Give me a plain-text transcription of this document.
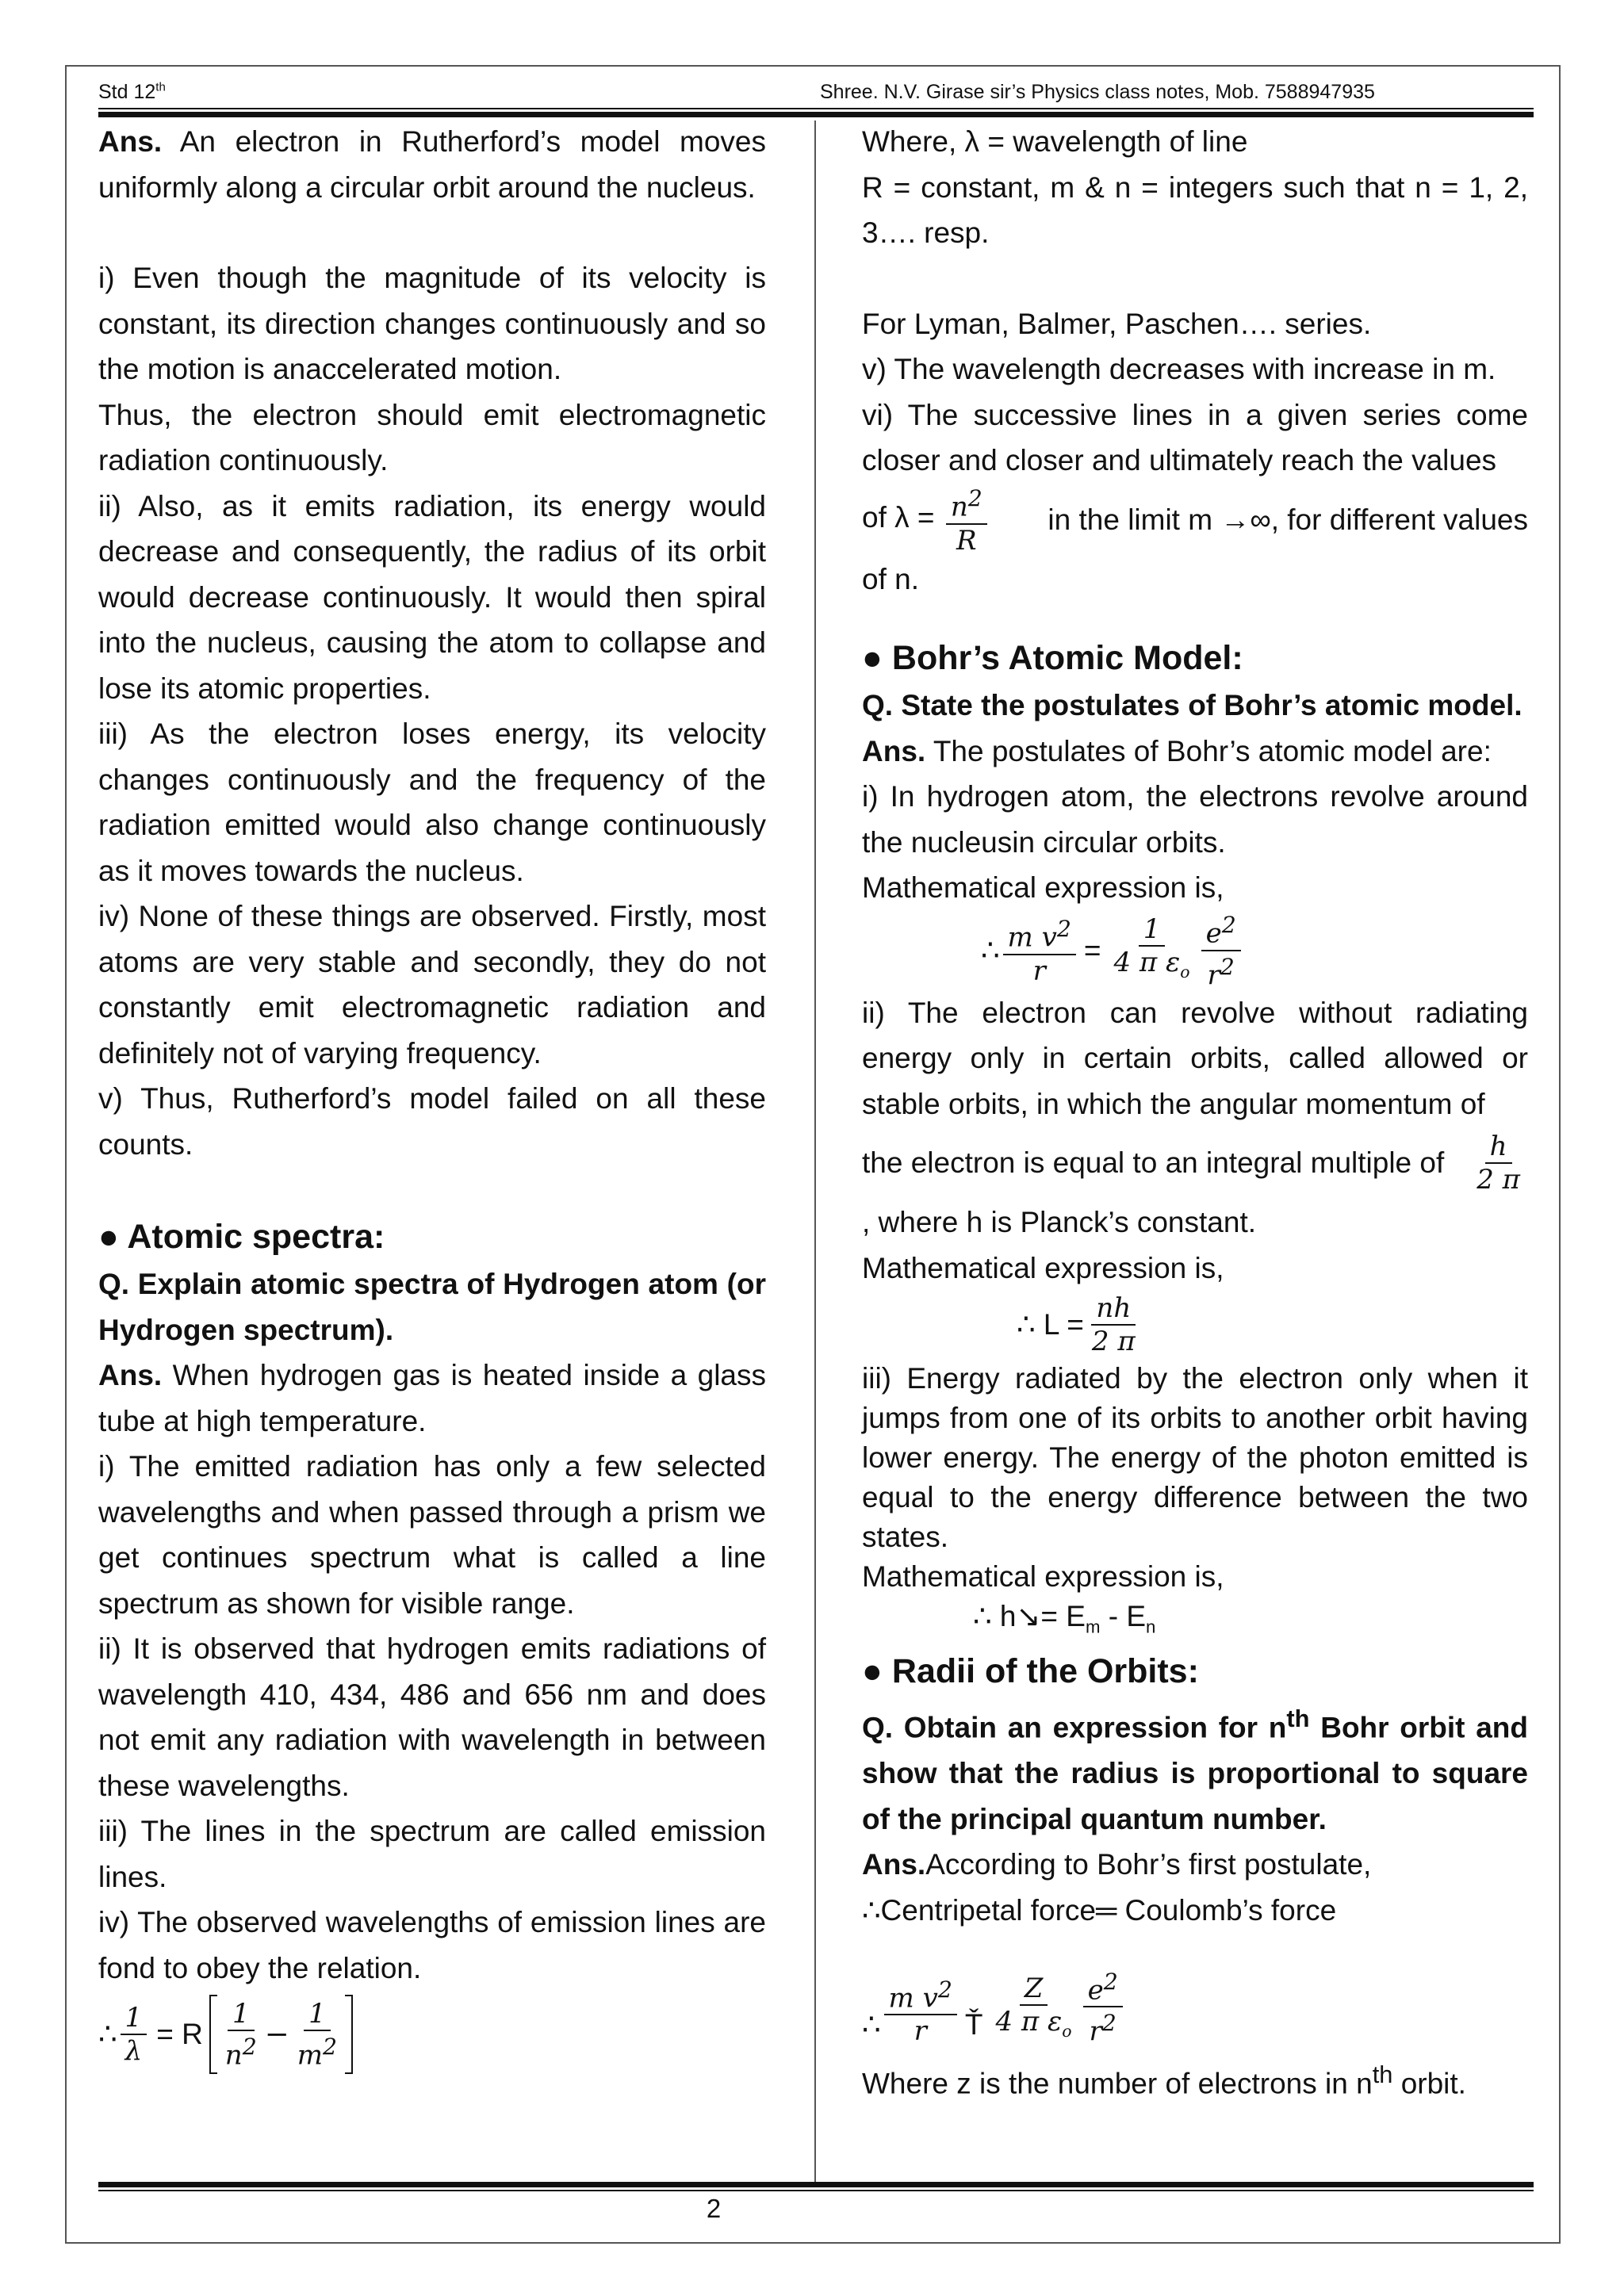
Std 12th	Shree. N.V. Girase sir’s Physics class notes, Mob. 7588947935

Ans. An electron in Rutherford’s model moves uniformly along a circular orbit around the nucleus.

i) Even though the magnitude of its velocity is constant, its direction changes continuously and so the motion is anaccelerated motion.

Thus, the electron should emit electromagnetic radiation continuously.

ii) Also, as it emits radiation, its energy would decrease and consequently, the radius of its orbit would decrease continuously. It would then spiral into the nucleus, causing the atom to collapse and lose its atomic properties.

iii) As the electron loses energy, its velocity changes continuously and the frequency of the radiation emitted would also change continuously as it moves towards the nucleus.

iv) None of these things are observed. Firstly, most atoms are very stable and secondly, they do not constantly emit electromagnetic radiation and definitely not of varying frequency.

v) Thus, Rutherford’s model failed on all these counts.

● Atomic spectra:

Q. Explain atomic spectra of Hydrogen atom (or Hydrogen spectrum).

Ans. When hydrogen gas is heated inside a glass tube at high temperature.

i) The emitted radiation has only a few selected wavelengths and when passed through a prism we get continues spectrum what is called a line spectrum as shown for visible range.

ii) It is observed that hydrogen emits radiations of wavelength 410, 434, 486 and 656 nm and does not emit any radiation with wavelength in between these wavelengths.

iii) The lines in the spectrum are called emission lines.

iv) The observed wavelengths of emission lines are fond to obey the relation.

∴ $\frac{1}{\lambda} = R \frac{1}{n^2} - \frac{1}{m^2}$

Where, λ = wavelength of line

R = constant, m & n = integers such that n = 1, 2, 3…. resp.

For Lyman, Balmer, Paschen…. series.

v) The wavelength decreases with increase in m.

vi) The successive lines in a given series come closer and closer and ultimately reach the values

of $\lambda = \frac{n^2}{R}$ in the limit m →∞, for different values

of n.

● Bohr’s Atomic Model:

Q. State the postulates of Bohr’s atomic model.

Ans. The postulates of Bohr’s atomic model are:

i) In hydrogen atom, the electrons revolve around the nucleusin circular orbits.

Mathematical expression is,

∴ $\frac{m v^2}{r} = \frac{1}{4 \pi \varepsilon_o} \frac{e^2}{r^2}$

ii) The electron can revolve without radiating energy only in certain orbits, called allowed or stable orbits, in which the angular momentum of

the electron is equal to an integral multiple of $\frac{h}{2 \pi}$

, where h is Planck’s constant.

Mathematical expression is,

∴ $L = \frac{nh}{2 \pi}$

iii) Energy radiated by the electron only when it jumps from one of its orbits to another orbit having lower energy. The energy of the photon emitted is equal to the energy difference between the two states.

Mathematical expression is,

∴ h↘= $E_m - E_n$

● Radii of the Orbits:

Q. Obtain an expression for $n^{th}$ Bohr orbit and show that the radius is proportional to square of the principal quantum number.

Ans.According to Bohr’s first postulate,

∴Centripetal force═ Coulomb’s force

∴ $\frac{m v^2}{r}$ Ť $\frac{Z}{4 \pi \varepsilon_o} \frac{e^2}{r^2}$

Where z is the number of electrons in $n^{th}$ orbit.

2
